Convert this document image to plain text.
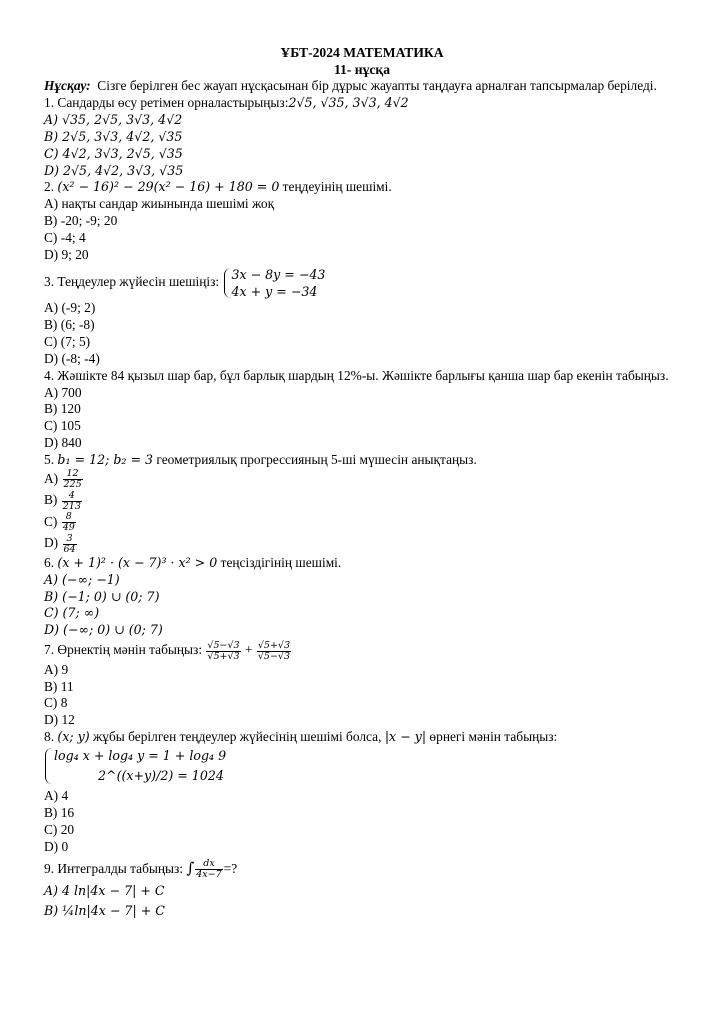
ҰБТ-2024 МАТЕМАТИКА
11- нұсқа
Нұсқау: Сізге берілген бес жауап нұсқасынан бір дұрыс жауапты таңдауға арналған тапсырмалар беріледі.
1. Сандарды өсу ретімен орналастырыңыз:2√5, √35, 3√3, 4√2
A) √35, 2√5, 3√3, 4√2
B) 2√5, 3√3, 4√2, √35
C) 4√2, 3√3, 2√5, √35
D) 2√5, 4√2, 3√3, √35
2. (x² − 16)² − 29(x² − 16) + 180 = 0 теңдеуінің шешімі.
A) нақты сандар жиынында шешімі жоқ
B) -20; -9; 20
C) -4; 4
D) 9; 20
3. Теңдеулер жүйесін шешіңіз: 3x − 8y = −43
4x + y = −34
A) (-9; 2)
B) (6; -8)
C) (7; 5)
D) (-8; -4)
4. Жәшікте 84 қызыл шар бар, бұл барлық шардың 12%-ы. Жәшікте барлығы қанша шар бар екенін табыңыз.
A) 700
B) 120
C) 105
D) 840
5. b₁ = 12; b₂ = 3 геометриялық прогрессияның 5-ші мүшесін анықтаңыз.
$A) \frac{12}{225}$
$B) \frac{4}{213}$
$C) \frac{8}{49}$
$D) \frac{3}{64}$
6. (x + 1)² · (x − 7)³ · x² > 0 теңсіздігінің шешімі.
A) (−∞; −1)
B) (−1; 0) ∪ (0; 7)
C) (7; ∞)
D) (−∞; 0) ∪ (0; 7)
7. Өрнектің мәнін табыңыз: $\frac{√5-√3}{√5+√3} + \frac{√5+√3}{√5-√3}$
A) 9
B) 11
C) 8
D) 12
8. (x; y) жұбы берілген теңдеулер жүйесінің шешімі болса, |x − y| өрнегі мәнін табыңыз:
log₄ x + log₄ y = 1 + log₄ 9
2^((x+y)/2) = 1024
A) 4
B) 16
C) 20
D) 0
9. Интегралды табыңыз: ∫ $\frac{dx}{4x-7}$ =?
A) 4 ln|4x − 7| + C
B) ¼ln|4x − 7| + C
